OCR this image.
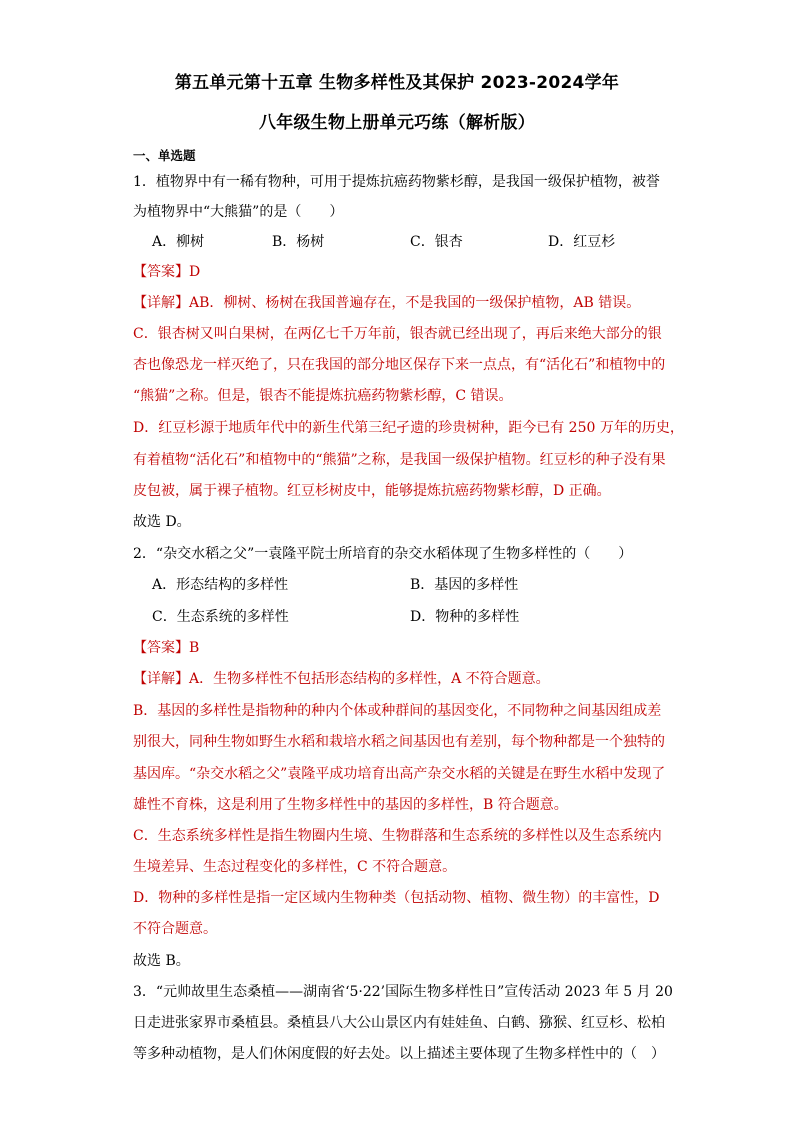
第五单元第十五章 生物多样性及其保护 2023-2024学年
八年级生物上册单元巧练（解析版）
一、单选题
1．植物界中有一稀有物种，可用于提炼抗癌药物紫杉醇，是我国一级保护植物，被誉
为植物界中“大熊猫”的是（　　）
A．柳树	B．杨树	C．银杏	D．红豆杉
【答案】D
【详解】AB．柳树、杨树在我国普遍存在，不是我国的一级保护植物，AB 错误。
C．银杏树又叫白果树，在两亿七千万年前，银杏就已经出现了，再后来绝大部分的银
杏也像恐龙一样灭绝了，只在我国的部分地区保存下来一点点，有“活化石”和植物中的
“熊猫”之称。但是，银杏不能提炼抗癌药物紫杉醇，C 错误。
D．红豆杉源于地质年代中的新生代第三纪孑遗的珍贵树种，距今已有 250 万年的历史，
有着植物“活化石”和植物中的“熊猫”之称，是我国一级保护植物。红豆杉的种子没有果
皮包被，属于裸子植物。红豆杉树皮中，能够提炼抗癌药物紫杉醇，D 正确。
故选 D。
2．“杂交水稻之父”一袁隆平院士所培育的杂交水稻体现了生物多样性的（　　）
A．形态结构的多样性	B．基因的多样性
C．生态系统的多样性	D．物种的多样性
【答案】B
【详解】A．生物多样性不包括形态结构的多样性，A 不符合题意。
B．基因的多样性是指物种的种内个体或种群间的基因变化，不同物种之间基因组成差
别很大，同种生物如野生水稻和栽培水稻之间基因也有差别，每个物种都是一个独特的
基因库。“杂交水稻之父”袁隆平成功培育出高产杂交水稻的关键是在野生水稻中发现了
雄性不育株，这是利用了生物多样性中的基因的多样性，B 符合题意。
C．生态系统多样性是指生物圈内生境、生物群落和生态系统的多样性以及生态系统内
生境差异、生态过程变化的多样性，C 不符合题意。
D．物种的多样性是指一定区域内生物种类（包括动物、植物、微生物）的丰富性，D
不符合题意。
故选 B。
3．“元帅故里生态桑植——湖南省‘5·22’国际生物多样性日”宣传活动 2023 年 5 月 20
日走进张家界市桑植县。桑植县八大公山景区内有娃娃鱼、白鹤、猕猴、红豆杉、松柏
等多种动植物，是人们休闲度假的好去处。以上描述主要体现了生物多样性中的（　）
